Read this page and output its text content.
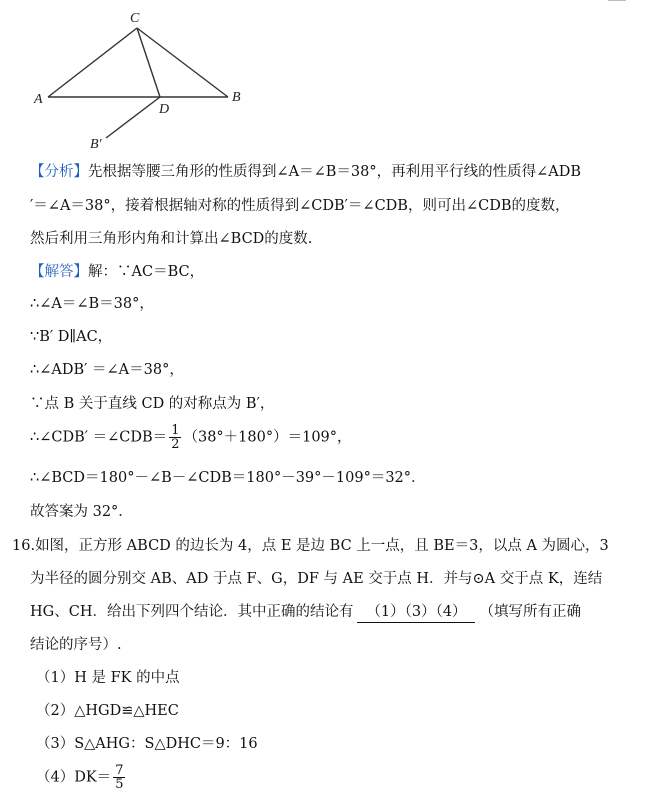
C
A	B
D
B′
【分析】先根据等腰三角形的性质得到∠A＝∠B＝38°，再利用平行线的性质得∠ADB
′＝∠A＝38°，接着根据轴对称的性质得到∠CDB′＝∠CDB，则可出∠CDB的度数，
然后利用三角形内角和计算出∠BCD的度数.
【解答】解：∵AC＝BC，
∴∠A＝∠B＝38°，
∵B′ D∥AC，
∴∠ADB′ ＝∠A＝38°，
∵点 B 关于直线 CD 的对称点为 B′，
∴∠CDB′ ＝∠CDB＝ $\frac{1}{2} (38^\circ+180^\circ)=109^\circ$，
∴∠BCD＝180°－∠B－∠CDB＝180°－39°－109°＝32°．
故答案为 32°．
16.如图，正方形 ABCD 的边长为 4，点 E 是边 BC 上一点，且 BE＝3，以点 A 为圆心，3
为半径的圆分别交 AB、AD 于点 F、G，DF 与 AE 交于点 H．并与⊙A 交于点 K，连结
HG、CH．给出下列四个结论．其中正确的结论有 （1）（3）（4） （填写所有正确
结论的序号）.
（1）H 是 FK 的中点
（2）△HGD≌△HEC
（3）S△AHG：S△DHC＝9：16
$(4)DK= \frac{7}{5}$
